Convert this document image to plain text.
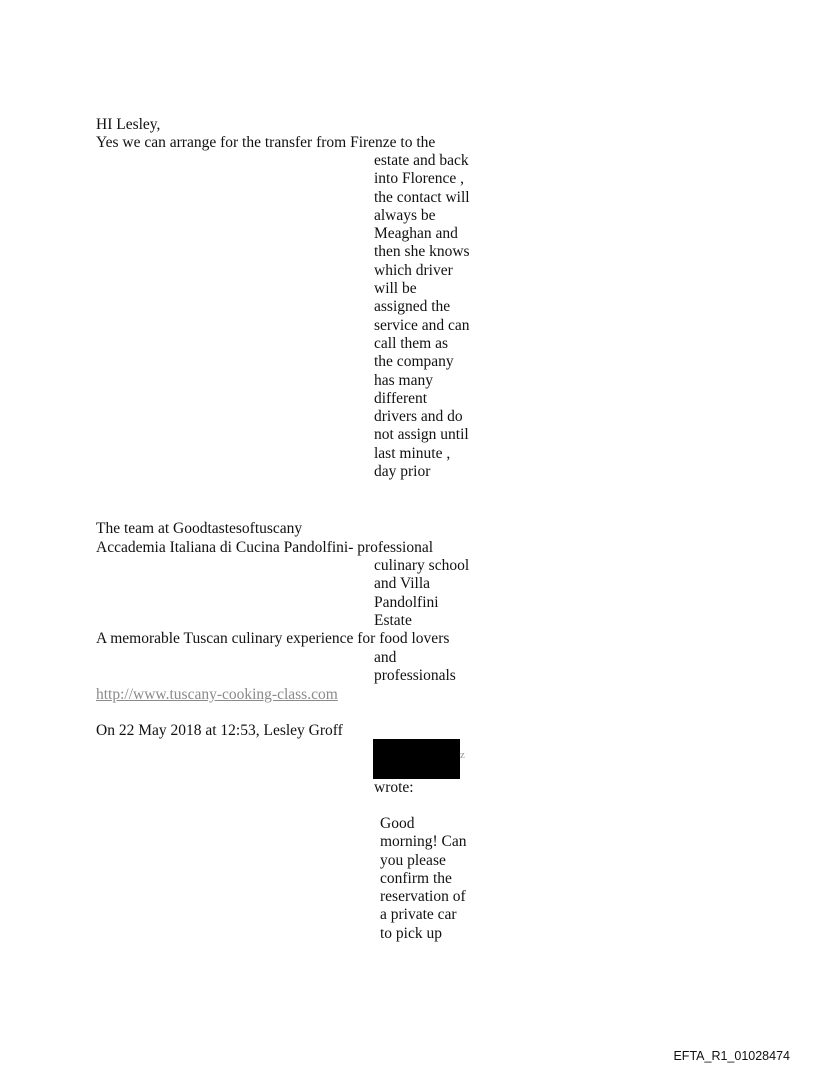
HI Lesley,
Yes we can arrange for the transfer from Firenze to the
estate and back
into Florence ,
the contact will
always be
Meaghan and
then she knows
which driver
will be
assigned the
service and can
call them as
the company
has many
different
drivers and do
not assign until
last minute ,
day prior
The team at Goodtastesoftuscany
Accademia Italiana di Cucina Pandolfini- professional
culinary school
and Villa
Pandolfini
Estate
A memorable Tuscan culinary experience for food lovers
and
professionals
http://www.tuscany-cooking-class.com
On 22 May 2018 at 12:53, Lesley Groff
z
wrote:
Good
morning! Can
you please
confirm the
reservation of
a private car
to pick up
EFTA_R1_01028474
